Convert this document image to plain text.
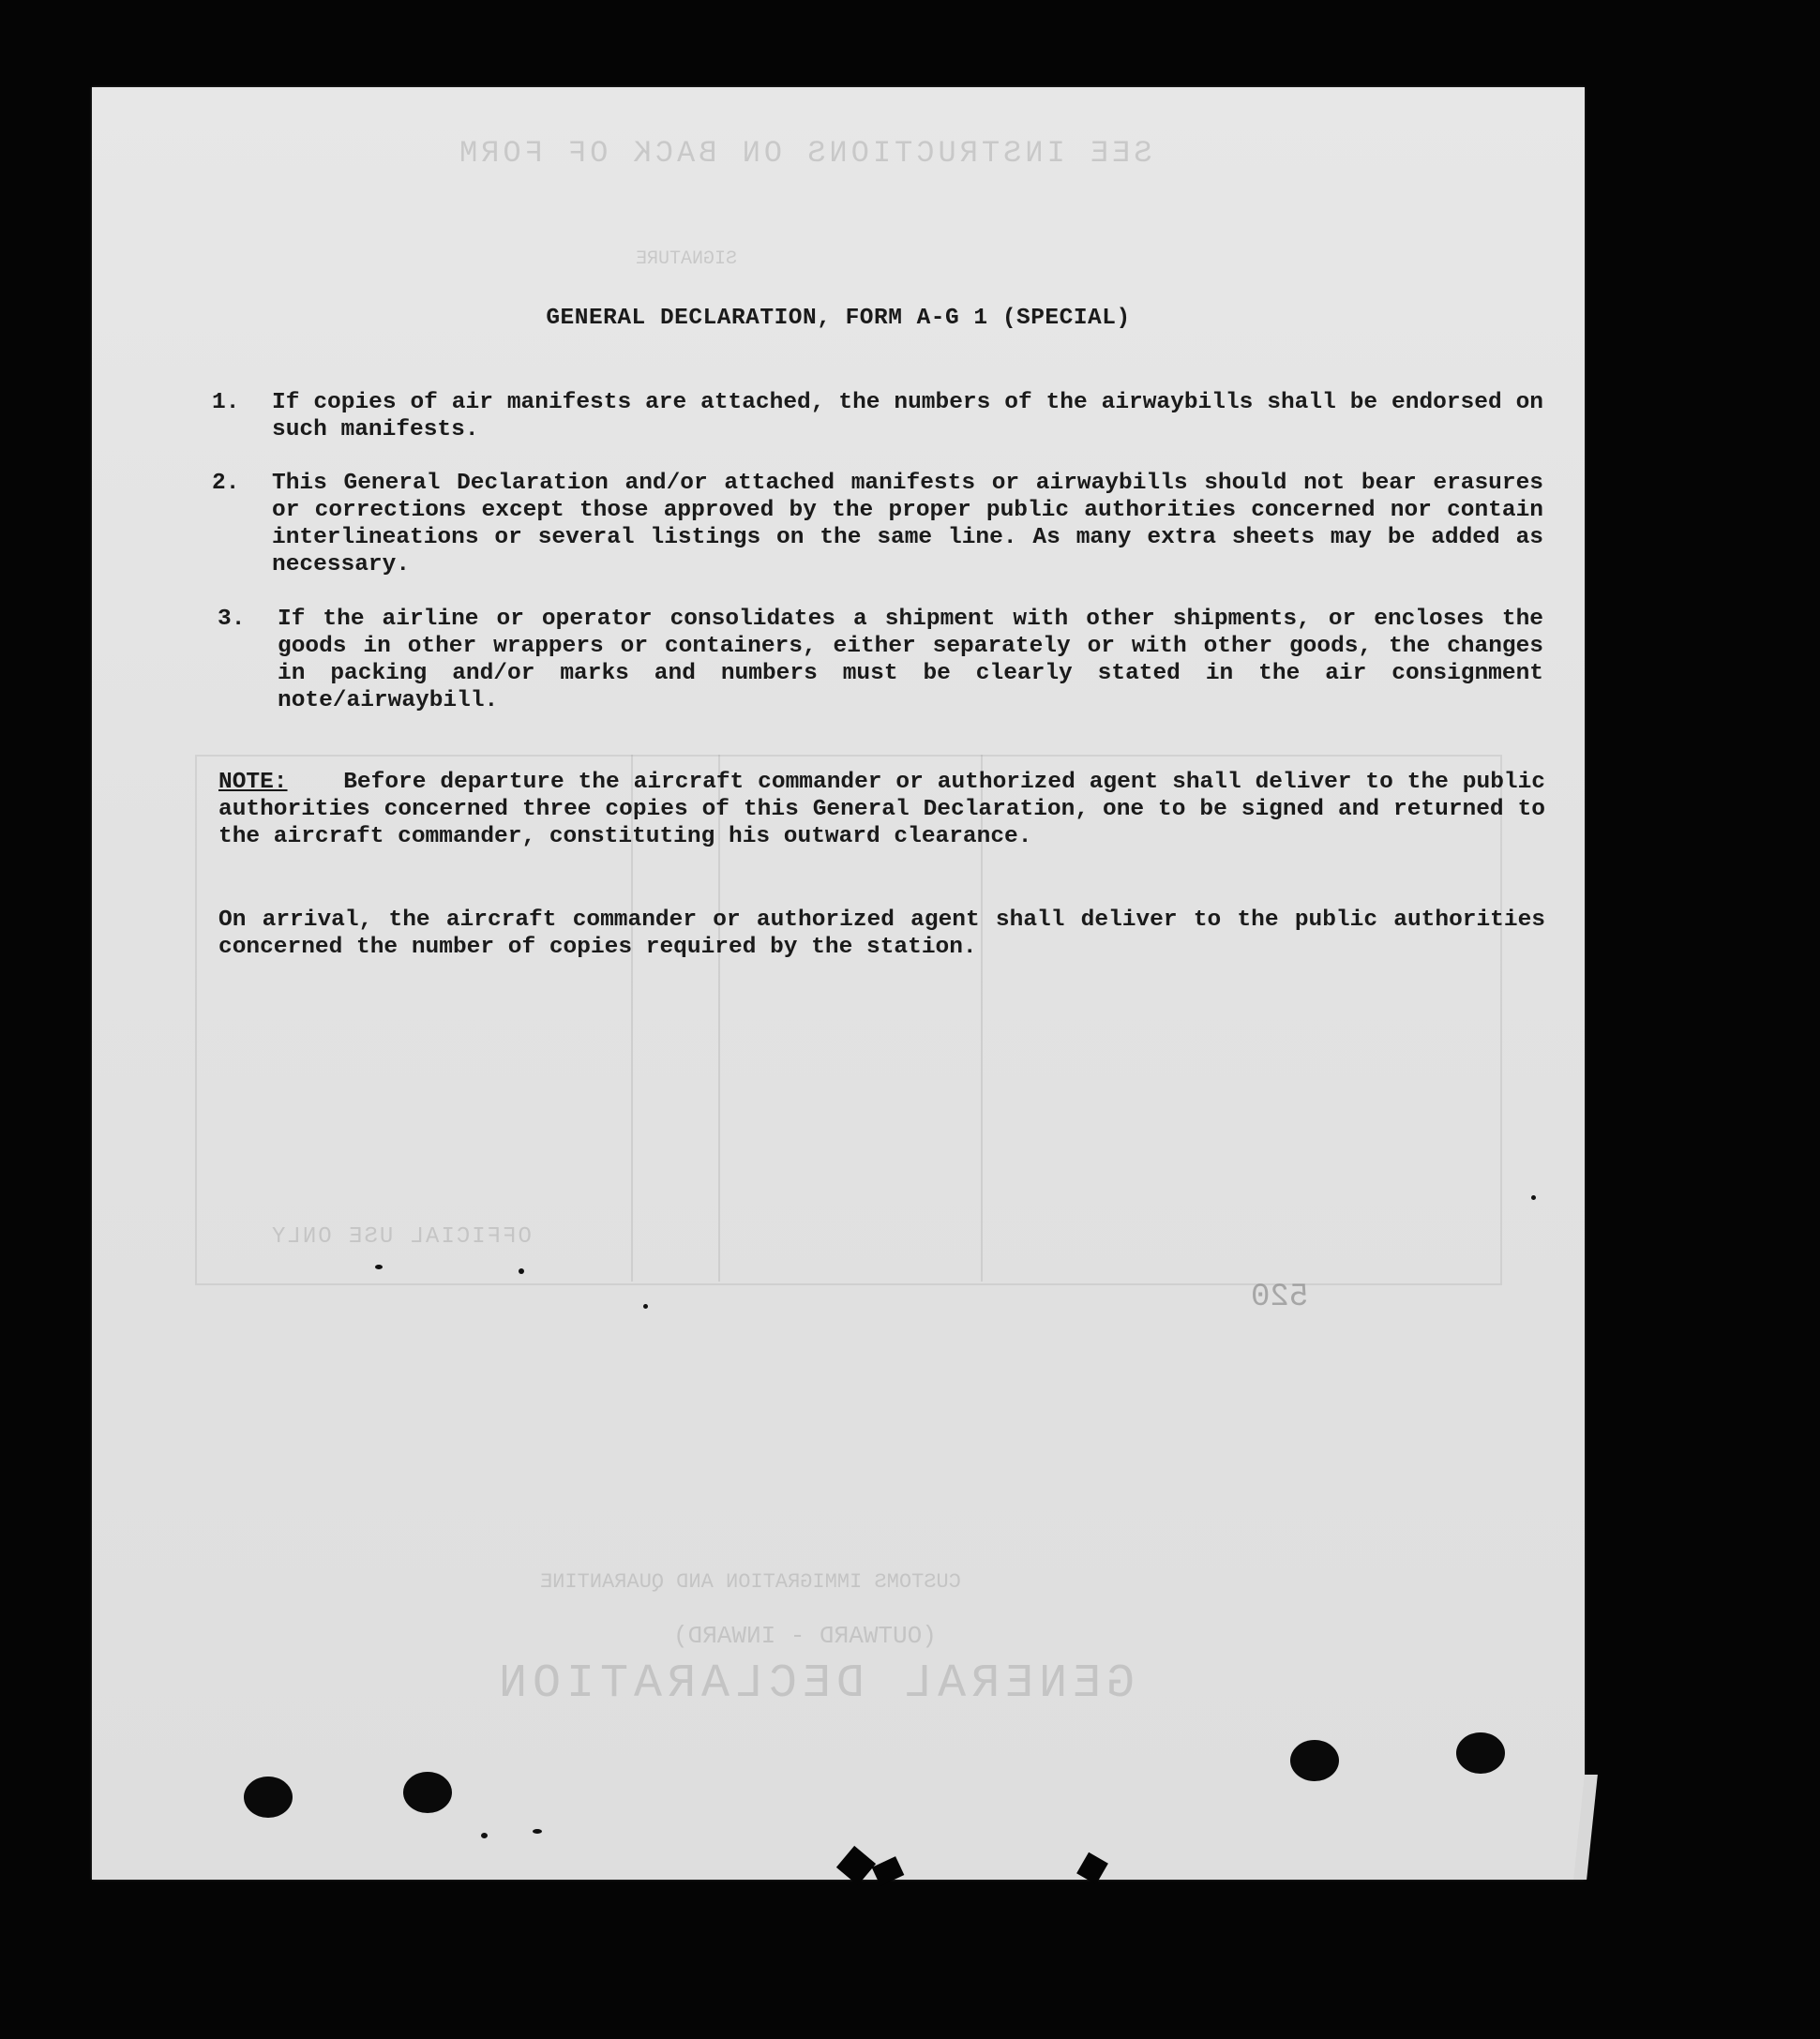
SEE INSTRUCTIONS ON BACK OF FORM
SIGNATURE
OFFICIAL USE ONLY
520
CUSTOMS IMMIGRATION AND QUARANTINE
(OUTWARD - INWARD)
GENERAL DECLARATION
GENERAL DECLARATION, FORM A-G 1 (SPECIAL)
1.	If copies of air manifests are attached, the numbers of the airwaybills shall be endorsed on such manifests.
2.	This General Declaration and/or attached manifests or airwaybills should not bear erasures or corrections except those approved by the proper public authorities concerned nor contain interlineations or several listings on the same line. As many extra sheets may be added as necessary.
3.	If the airline or operator consolidates a shipment with other shipments, or encloses the goods in other wrappers or containers, either separately or with other goods, the changes in packing and/or marks and numbers must be clearly stated in the air consignment note/airwaybill.
NOTE: Before departure the aircraft commander or authorized agent shall deliver to the public authorities concerned three copies of this General Declaration, one to be signed and returned to the aircraft commander, constituting his outward clearance.
On arrival, the aircraft commander or authorized agent shall deliver to the public authorities concerned the number of copies required by the station.
